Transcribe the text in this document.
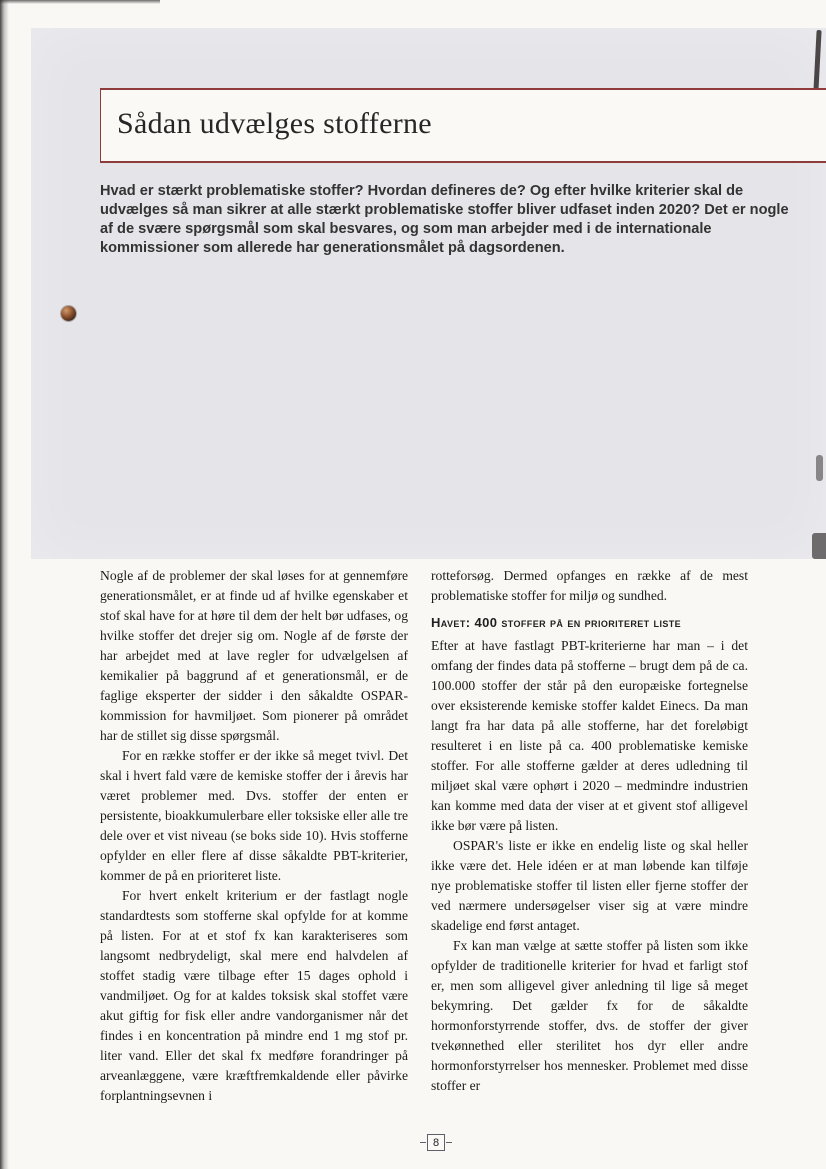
Sådan udvælges stofferne

Hvad er stærkt problematiske stoffer? Hvordan defineres de? Og efter hvilke kriterier skal de udvælges så man sikrer at alle stærkt problematiske stoffer bliver udfaset inden 2020? Det er nogle af de svære spørgsmål som skal besvares, og som man arbejder med i de internationale kommissioner som allerede har generationsmålet på dagsordenen.

Nogle af de problemer der skal løses for at gennemføre generationsmålet, er at finde ud af hvilke egenskaber et stof skal have for at høre til dem der helt bør udfases, og hvilke stoffer det drejer sig om. Nogle af de første der har arbejdet med at lave regler for udvælgelsen af kemikalier på baggrund af et generationsmål, er de faglige eksperter der sidder i den såkaldte OSPAR-kommission for havmiljøet. Som pionerer på området har de stillet sig disse spørgsmål.

For en række stoffer er der ikke så meget tvivl. Det skal i hvert fald være de kemiske stoffer der i årevis har været problemer med. Dvs. stoffer der enten er persistente, bioakkumulerbare eller toksiske eller alle tre dele over et vist niveau (se boks side 10). Hvis stofferne opfylder en eller flere af disse såkaldte PBT-kriterier, kommer de på en prioriteret liste.

For hvert enkelt kriterium er der fastlagt nogle standardtests som stofferne skal opfylde for at komme på listen. For at et stof fx kan karakteriseres som langsomt nedbrydeligt, skal mere end halvdelen af stoffet stadig være tilbage efter 15 dages ophold i vandmiljøet. Og for at kaldes toksisk skal stoffet være akut giftig for fisk eller andre vandorganismer når det findes i en koncentration på mindre end 1 mg stof pr. liter vand. Eller det skal fx medføre forandringer på arveanlæggene, være kræftfremkaldende eller påvirke forplantningsevnen i

rotteforsøg. Dermed opfanges en række af de mest problematiske stoffer for miljø og sundhed.

Havet: 400 stoffer på en prioriteret liste

Efter at have fastlagt PBT-kriterierne har man – i det omfang der findes data på stofferne – brugt dem på de ca. 100.000 stoffer der står på den europæiske fortegnelse over eksisterende kemiske stoffer kaldet Einecs. Da man langt fra har data på alle stofferne, har det foreløbigt resulteret i en liste på ca. 400 problematiske kemiske stoffer. For alle stofferne gælder at deres udledning til miljøet skal være ophørt i 2020 – medmindre industrien kan komme med data der viser at et givent stof alligevel ikke bør være på listen.

OSPAR's liste er ikke en endelig liste og skal heller ikke være det. Hele idéen er at man løbende kan tilføje nye problematiske stoffer til listen eller fjerne stoffer der ved nærmere undersøgelser viser sig at være mindre skadelige end først antaget.

Fx kan man vælge at sætte stoffer på listen som ikke opfylder de traditionelle kriterier for hvad et farligt stof er, men som alligevel giver anledning til lige så meget bekymring. Det gælder fx for de såkaldte hormonforstyrrende stoffer, dvs. de stoffer der giver tvekønnethed eller sterilitet hos dyr eller andre hormonforstyrrelser hos mennesker. Problemet med disse stoffer er

8
